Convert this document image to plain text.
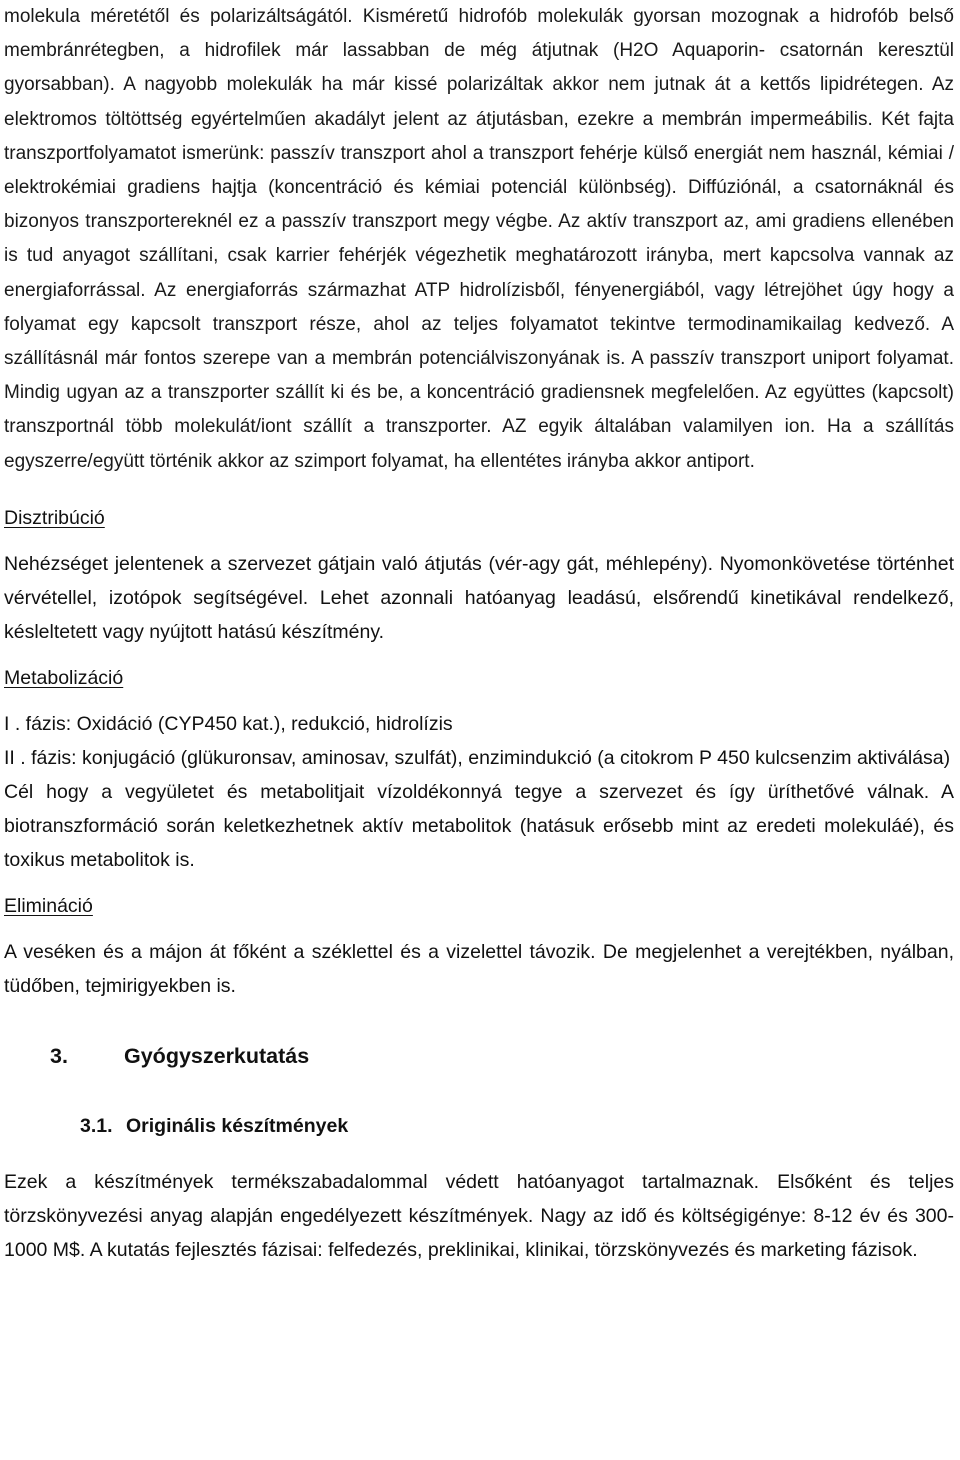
molekula méretétől és polarizáltságától. Kisméretű hidrofób molekulák gyorsan mozognak a hidrofób belső membránrétegben, a hidrofilek már lassabban de még átjutnak (H2O Aquaporin- csatornán keresztül gyorsabban). A nagyobb molekulák ha már kissé polarizáltak akkor nem jutnak át a kettős lipidrétegen. Az elektromos töltöttség egyértelműen akadályt jelent az átjutásban, ezekre a membrán impermeábilis. Két fajta transzportfolyamatot ismerünk: passzív transzport ahol a transzport fehérje külső energiát nem használ, kémiai / elektrokémiai gradiens hajtja (koncentráció és kémiai potenciál különbség). Diffúziónál, a csatornáknál és bizonyos transzportereknél ez a passzív transzport megy végbe. Az aktív transzport az, ami gradiens ellenében is tud anyagot szállítani, csak karrier fehérjék végezhetik meghatározott irányba, mert kapcsolva vannak az energiaforrással. Az energiaforrás származhat ATP hidrolízisből, fényenergiából, vagy létrejöhet úgy hogy a folyamat egy kapcsolt transzport része, ahol az teljes folyamatot tekintve termodinamikailag kedvező. A szállításnál már fontos szerepe van a membrán potenciálviszonyának is. A passzív transzport uniport folyamat. Mindig ugyan az a transzporter szállít ki és be, a koncentráció gradiensnek megfelelően. Az együttes (kapcsolt) transzportnál több molekulát/iont szállít a transzporter. AZ egyik általában valamilyen ion. Ha a szállítás egyszerre/együtt történik akkor az szimport folyamat, ha ellentétes irányba akkor antiport.

Disztribúció

Nehézséget jelentenek a szervezet gátjain való átjutás (vér-agy gát, méhlepény). Nyomonkövetése történhet vérvétellel, izotópok segítségével. Lehet azonnali hatóanyag leadású, elsőrendű kinetikával rendelkező, késleltetett vagy nyújtott hatású készítmény.

Metabolizáció

I . fázis: Oxidáció (CYP450 kat.), redukció, hidrolízis

II . fázis: konjugáció (glükuronsav, aminosav, szulfát), enzimindukció (a citokrom P 450 kulcsenzim aktiválása)

Cél hogy a vegyületet és metabolitjait vízoldékonnyá tegye a szervezet és így üríthetővé válnak. A biotranszformáció során keletkezhetnek aktív metabolitok (hatásuk erősebb mint az eredeti molekuláé), és toxikus metabolitok is.

Elimináció

A veséken és a májon át főként a széklettel és a vizelettel távozik. De megjelenhet a verejtékben, nyálban, tüdőben, tejmirigyekben is.

3.	Gyógyszerkutatás

3.1. Originális készítmények

Ezek a készítmények termékszabadalommal védett hatóanyagot tartalmaznak. Elsőként és teljes törzskönyvezési anyag alapján engedélyezett készítmények. Nagy az idő és költségigénye: 8-12 év és 300-1000 M$. A kutatás fejlesztés fázisai: felfedezés, preklinikai, klinikai, törzskönyvezés és marketing fázisok.
